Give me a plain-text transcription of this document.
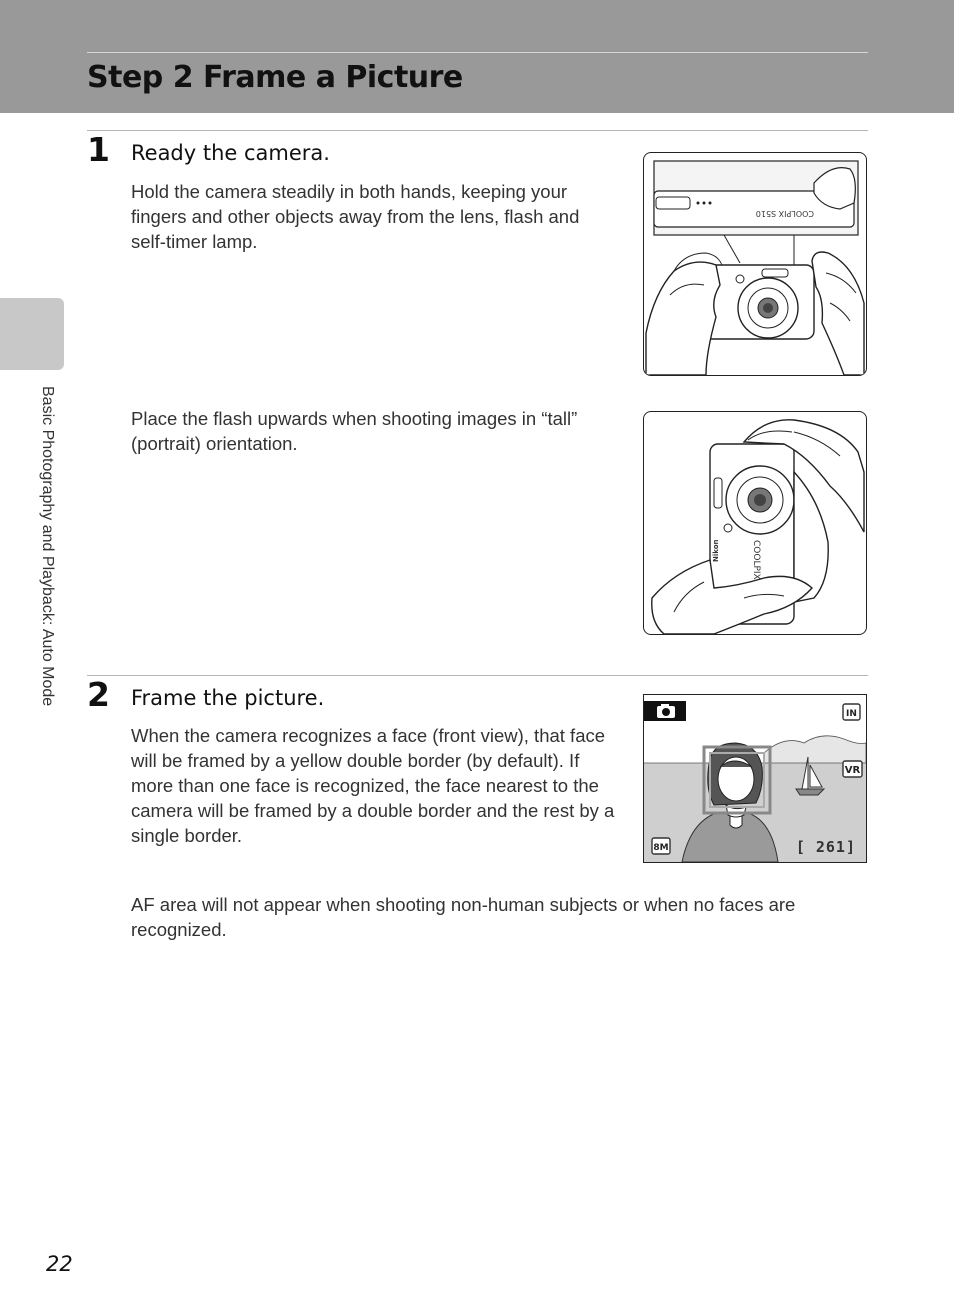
Step 2 Frame a Picture
Basic Photography and Playback: Auto Mode
1 Ready the camera.
Hold the camera steadily in both hands, keeping your fingers and other objects away from the lens, flash and self-timer lamp.
Place the flash upwards when shooting images in “tall” (portrait) orientation.
COOLPIX S510
COOLPIX
Nikon
2 Frame the picture.
When the camera recognizes a face (front view), that face will be framed by a yellow double border (by default). If more than one face is recognized, the face nearest to the camera will be framed by a double border and the rest by a single border.
AF area will not appear when shooting non-human subjects or when no faces are recognized.
IN
VR
8M	[ 261]
22
